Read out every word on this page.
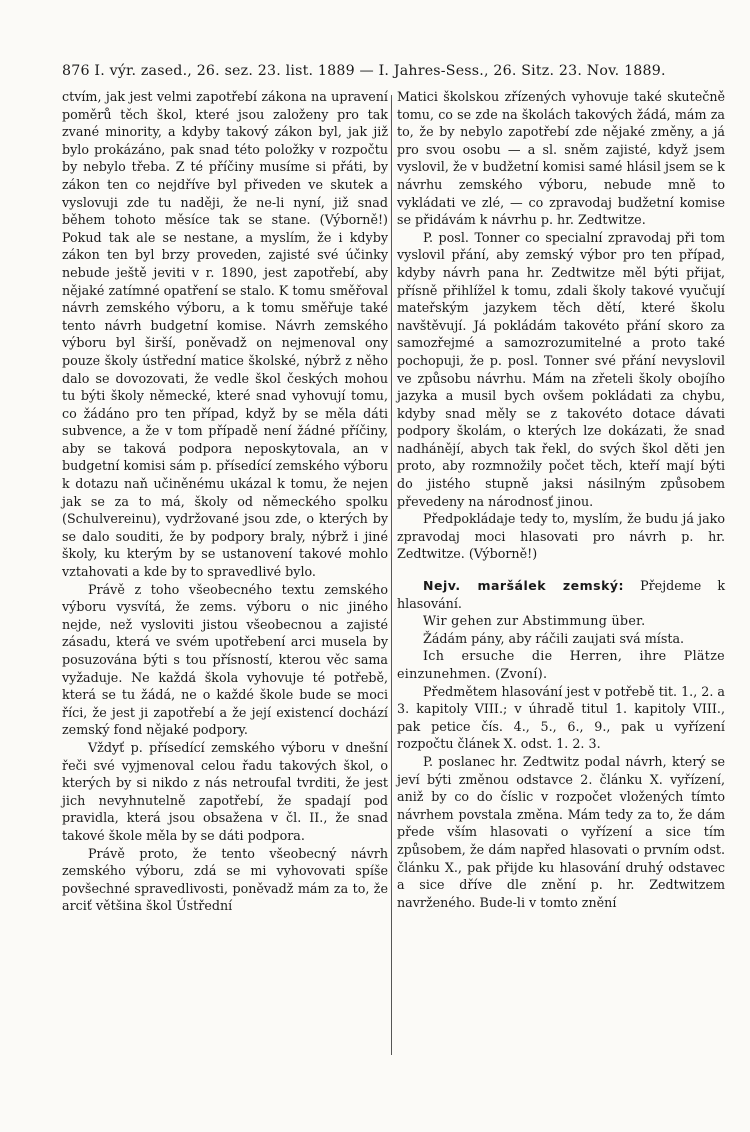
876 I. výr. zased., 26. sez. 23. list. 1889 — I. Jahres-Sess., 26. Sitz. 23. Nov. 1889.

ctvím, jak jest velmi zapotřebí zákona na upravení poměrů těch škol, které jsou založeny pro tak zvané minority, a kdyby takový zákon byl, jak již bylo prokázáno, pak snad této položky v rozpočtu by nebylo třeba. Z té příčiny musíme si přáti, by zákon ten co nejdříve byl přiveden ve skutek a vyslovuji zde tu naději, že ne-li nyní, již snad během tohoto měsíce tak se stane. (Výborně!) Pokud tak ale se nestane, a myslím, že i kdyby zákon ten byl brzy proveden, zajisté své účinky nebude ještě jeviti v r. 1890, jest zapotřebí, aby nějaké zatímné opatření se stalo. K tomu směřoval návrh zemského výboru, a k tomu směřuje také tento návrh budgetní komise. Návrh zemského výboru byl širší, poněvadž on nejmenoval ony pouze školy ústřední matice školské, nýbrž z něho dalo se dovozovati, že vedle škol českých mohou tu býti školy německé, které snad vyhovují tomu, co žádáno pro ten případ, když by se měla dáti subvence, a že v tom případě není žádné příčiny, aby se taková podpora neposkytovala, an v budgetní komisi sám p. přísedící zemského výboru k dotazu naň učiněnému ukázal k tomu, že nejen jak se za to má, školy od německého spolku (Schulvereinu), vydržované jsou zde, o kterých by se dalo souditi, že by podpory braly, nýbrž i jiné školy, ku kterým by se ustanovení takové mohlo vztahovati a kde by to spravedlivé bylo.

Právě z toho všeobecného textu zemského výboru vysvítá, že zems. výboru o nic jiného nejde, než vysloviti jistou všeobecnou a zajisté zásadu, která ve svém upotřebení arci musela by posuzována býti s tou přísností, kterou věc sama vyžaduje. Ne každá škola vyhovuje té potřebě, která se tu žádá, ne o každé škole bude se moci říci, že jest ji zapotřebí a že její existencí dochází zemský fond nějaké podpory.

Vždyť p. přísedící zemského výboru v dnešní řeči své vyjmenoval celou řadu takových škol, o kterých by si nikdo z nás netroufal tvrditi, že jest jich nevyhnutelně zapotřebí, že spadají pod pravidla, která jsou obsažena v čl. II., že snad takové škole měla by se dáti podpora.

Právě proto, že tento všeobecný návrh zemského výboru, zdá se mi vyhovovati spíše povšechné spravedlivosti, poněvadž mám za to, že arciť většina škol Ústřední

Matici školskou zřízených vyhovuje také skutečně tomu, co se zde na školách takových žádá, mám za to, že by nebylo zapotřebí zde nějaké změny, a já pro svou osobu — a sl. sněm zajisté, když jsem vyslovil, že v budžetní komisi samé hlásil jsem se k návrhu zemského výboru, nebude mně to vykládati ve zlé, — co zpravodaj budžetní komise se přidávám k návrhu p. hr. Zedtwitze.

P. posl. Tonner co specialní zpravodaj při tom vyslovil přání, aby zemský výbor pro ten případ, kdyby návrh pana hr. Zedtwitze měl býti přijat, přísně přihlížel k tomu, zdali školy takové vyučují mateřským jazykem těch dětí, které školu navštěvují. Já pokládám takovéto přání skoro za samozřejmé a samozrozumitelné a proto také pochopuji, že p. posl. Tonner své přání nevyslovil ve způsobu návrhu. Mám na zřeteli školy obojího jazyka a musil bych ovšem pokládati za chybu, kdyby snad měly se z takovéto dotace dávati podpory školám, o kterých lze dokázati, že snad nadhánějí, abych tak řekl, do svých škol děti jen proto, aby rozmnožily počet těch, kteří mají býti do jistého stupně jaksi násilným způsobem převedeny na národnosť jinou.

Předpokládaje tedy to, myslím, že budu já jako zpravodaj moci hlasovati pro návrh p. hr. Zedtwitze. (Výborně!)

Nejv. maršálek zemský: Přejdeme k hlasování.

Wir gehen zur Abstimmung über.

Žádám pány, aby ráčili zaujati svá místa.

Ich ersuche die Herren, ihre Plätze einzunehmen. (Zvoní).

Předmětem hlasování jest v potřebě tit. 1., 2. a 3. kapitoly VIII.; v úhradě titul 1. kapitoly VIII., pak petice čís. 4., 5., 6., 9., pak u vyřízení rozpočtu článek X. odst. 1. 2. 3.

P. poslanec hr. Zedtwitz podal návrh, který se jeví býti změnou odstavce 2. článku X. vyřízení, aniž by co do číslic v rozpočet vložených tímto návrhem povstala změna. Mám tedy za to, že dám přede vším hlasovati o vyřízení a sice tím způsobem, že dám napřed hlasovati o prvním odst. článku X., pak přijde ku hlasování druhý odstavec a sice dříve dle znění p. hr. Zedtwitzem navrženého. Bude-li v tomto znění
